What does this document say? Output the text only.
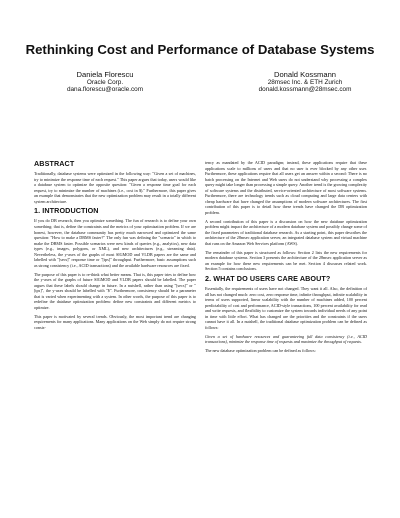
Rethinking Cost and Performance of Database Systems
Daniela Florescu
Oracle Corp.
dana.florescu@oracle.com
Donald Kossmann
28msec Inc. & ETH Zurich
donald.kossmann@28msec.com
ABSTRACT

Traditionally, database systems were optimized in the following way: "Given a set of machines, try to minimize the response time of each request." This paper argues that today, users would like a database system to optimize the opposite question: "Given a response time goal for each request, try to minimize the number of machines (i.e., cost in $)." Furthermore, this paper gives an example that demonstrates that the new optimization problem may result in a totally different system architecture.

1. INTRODUCTION

If you do DB research, then you optimize something. The fun of research is to define your own something; that is, define the constraints and the metrics of your optimization problem. If we are honest, however, the database community has pretty much narrowed and optimized the same question: "How to make a DBMS faster?" The only fun was defining the "scenario" in which to make the DBMS faster. Possible scenarios were new kinds of queries (e.g., analytics), new data types (e.g., images, polygons, or XML), and new architectures (e.g., streaming data). Nevertheless, the y-axes of the graphs of most SIGMOD and VLDB papers are the same and labelled with "[secs]" response time or "[tps]" throughput. Furthermore, basic assumptions such as strong consistency (i.e., ACID transactions) and the available hardware resources are fixed.

The purpose of this paper is to re-think what better means. That is, this paper tries to define how the y-axes of the graphs of future SIGMOD and VLDB papers should be labelled. The paper argues that these labels should change in future. In a nutshell, rather than using "[secs]" or "[tps]", the y-axes should be labelled with "$". Furthermore, consistency should be a parameter that is varied when experimenting with a system. In other words, the purpose of this paper is to redefine the database optimization problem: define new constraints and different metrics to optimize.

This paper is motivated by several trends. Obviously, the most important trend are changing requirements for many applications. Many applications on the Web simply do not require strong consis-

tency as mandated by the ACID paradigm; instead, these applications require that these applications scale to millions of users and that no user is ever blocked by any other user. Furthermore, these applications require that all users get an answer within a second: There is no batch processing on the Internet and Web users do not understand why processing a complex query might take longer than processing a simple query. Another trend is the growing complexity of software systems and the distributed, service-oriented architecture of most software systems. Furthermore, there are technology trends such as cloud computing and large data centers with cheap hardware that have changed the assumptions of modern software architectures. The first contribution of this paper is to detail how these trends have changed the DB optimization problem.

A second contribution of this paper is a discussion on how the new database optimization problem might impact the architecture of a modern database system and possibly change some of the fixed parameters of traditional database research. As a starting point, this paper describes the architecture of the 28msec application server, an integrated database system and virtual machine that runs on the Amazon Web Services platform (AWS).

The remainder of this paper is structured as follows: Section 2 lists the new requirements for modern database systems. Section 3 presents the architecture of the 28msec application server as an example for how these new requirements can be met. Section 4 discusses related work. Section 5 contains conclusions.

2. WHAT DO USERS CARE ABOUT?

Essentially, the requirements of users have not changed. They want it all. Also, the definition of all has not changed much: zero cost, zero response time, infinite throughput, infinite scalability in terms of users supported, linear scalability with the number of machines added, 100 percent predictability of cost and performance, ACID-style transactions, 100 percent availability for read and write requests, and flexibility to customize the system towards individual needs of any point in time with little effort. What has changed are the priorities and the constraints if the users cannot have it all. In a nutshell, the traditional database optimization problem can be defined as follows:

Given a set of hardware resources and guaranteeing full data consistency (i.e., ACID transactions), minimize the response time of requests and maximize the throughput of requests.

The new database optimization problem can be defined as follows:
